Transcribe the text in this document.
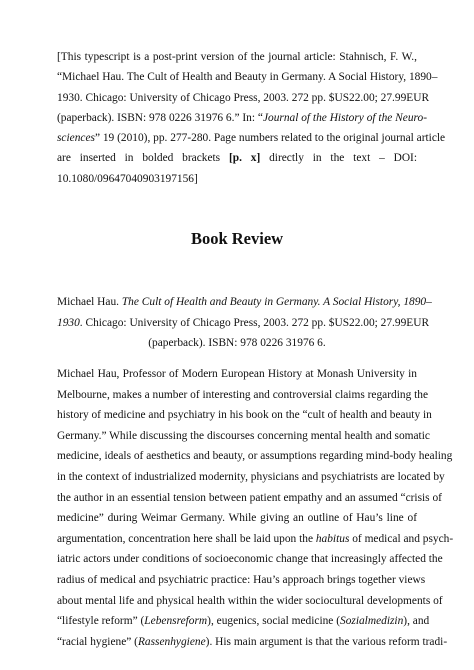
[This typescript is a post-print version of the journal article: Stahnisch, F. W.,
“Michael Hau. The Cult of Health and Beauty in Germany. A Social History, 1890–
1930. Chicago: University of Chicago Press, 2003. 272 pp. $US22.00; 27.99EUR
(paperback). ISBN: 978 0226 31976 6.” In: “Journal of the History of the Neuro-
sciences” 19 (2010), pp. 277-280. Page numbers related to the original journal article
are inserted in bolded brackets [p. x] directly in the text – DOI:
10.1080/09647040903197156]
Book Review
Michael Hau. The Cult of Health and Beauty in Germany. A Social History, 1890–
1930. Chicago: University of Chicago Press, 2003. 272 pp. $US22.00; 27.99EUR
(paperback). ISBN: 978 0226 31976 6.
Michael Hau, Professor of Modern European History at Monash University in
Melbourne, makes a number of interesting and controversial claims regarding the
history of medicine and psychiatry in his book on the “cult of health and beauty in
Germany.” While discussing the discourses concerning mental health and somatic
medicine, ideals of aesthetics and beauty, or assumptions regarding mind-body healing
in the context of industrialized modernity, physicians and psychiatrists are located by
the author in an essential tension between patient empathy and an assumed “crisis of
medicine” during Weimar Germany. While giving an outline of Hau’s line of
argumentation, concentration here shall be laid upon the habitus of medical and psych-
iatric actors under conditions of socioeconomic change that increasingly affected the
radius of medical and psychiatric practice: Hau’s approach brings together views
about mental life and physical health within the wider sociocultural developments of
“lifestyle reform” (Lebensreform), eugenics, social medicine (Sozialmedizin), and
“racial hygiene” (Rassenhygiene). His main argument is that the various reform tradi-
